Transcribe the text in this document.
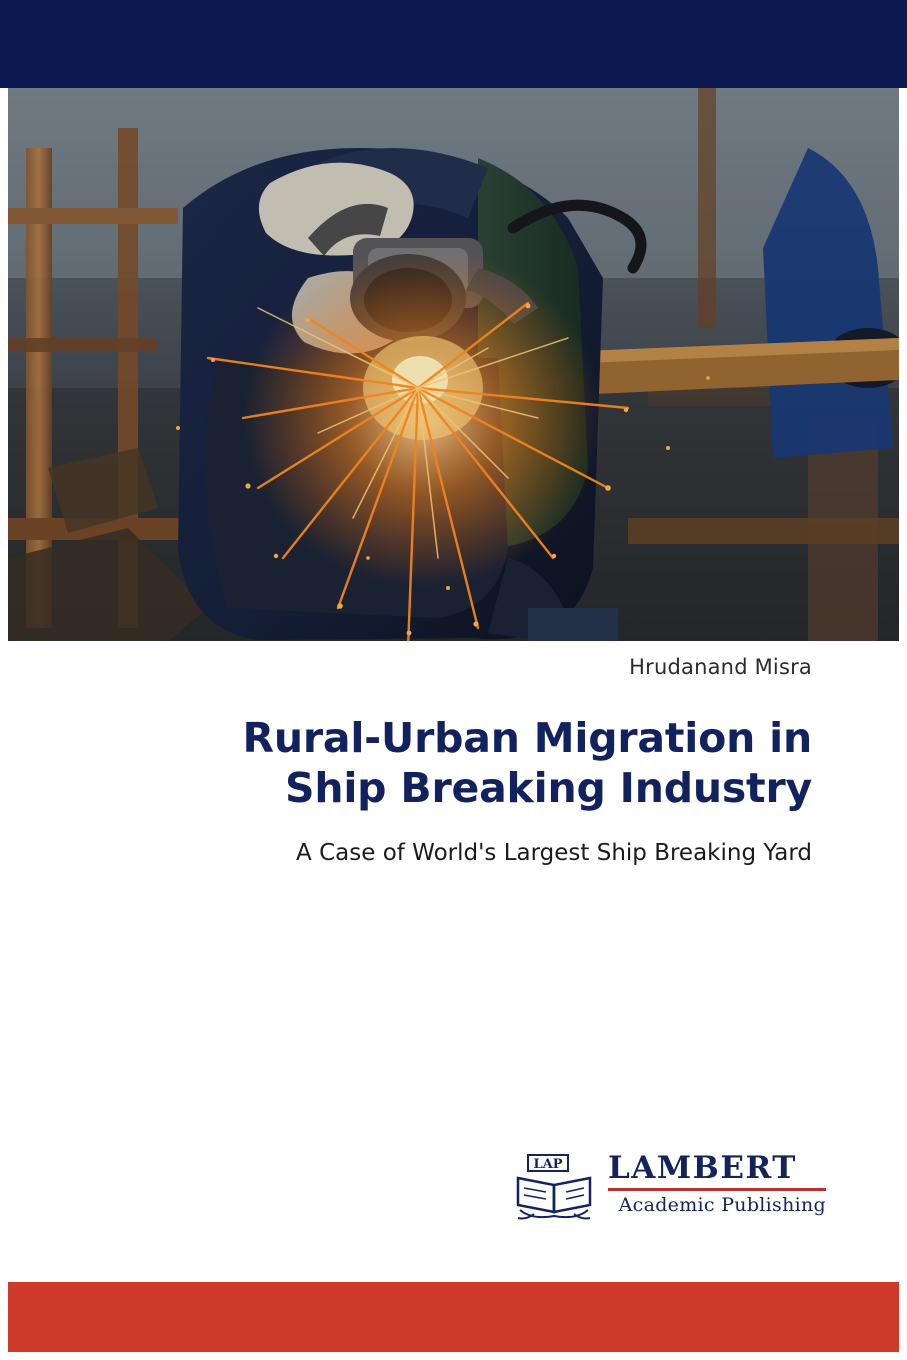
Hrudanand Misra
Rural-Urban Migration in
Ship Breaking Industry
A Case of World's Largest Ship Breaking Yard
LAP LAMBERT
Academic Publishing
